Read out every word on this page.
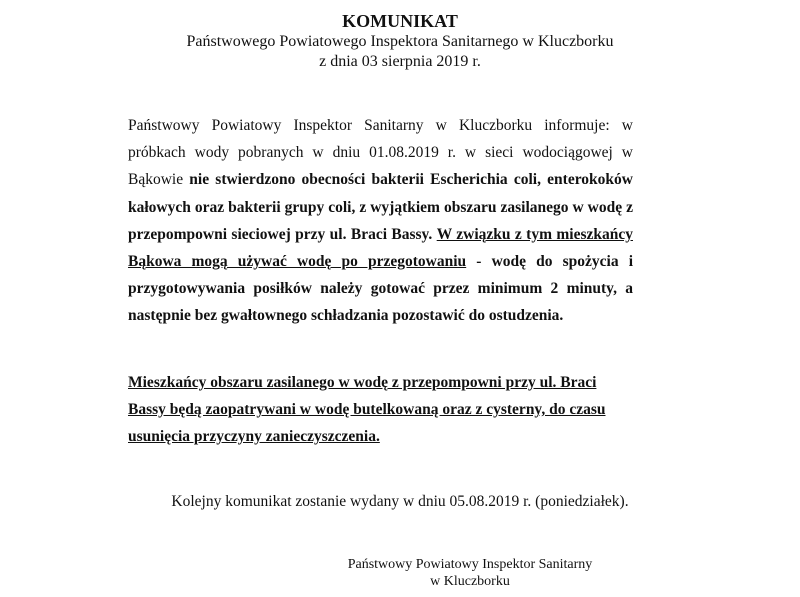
KOMUNIKAT
Państwowego Powiatowego Inspektora Sanitarnego w Kluczborku
z dnia 03 sierpnia 2019 r.
Państwowy Powiatowy Inspektor Sanitarny w Kluczborku informuje: w próbkach wody pobranych w dniu 01.08.2019 r. w sieci wodociągowej w Bąkowie nie stwierdzono obecności bakterii Escherichia coli, enterokoków kałowych oraz bakterii grupy coli, z wyjątkiem obszaru zasilanego w wodę z przepompowni sieciowej przy ul. Braci Bassy. W związku z tym mieszkańcy Bąkowa mogą używać wodę po przegotowaniu - wodę do spożycia i przygotowywania posiłków należy gotować przez minimum 2 minuty, a następnie bez gwałtownego schładzania pozostawić do ostudzenia.
Mieszkańcy obszaru zasilanego w wodę z przepompowni przy ul. Braci Bassy będą zaopatrywani w wodę butelkowaną oraz z cysterny, do czasu usunięcia przyczyny zanieczyszczenia.
Kolejny komunikat zostanie wydany w dniu 05.08.2019 r. (poniedziałek).
Państwowy Powiatowy Inspektor Sanitarny
w Kluczborku
